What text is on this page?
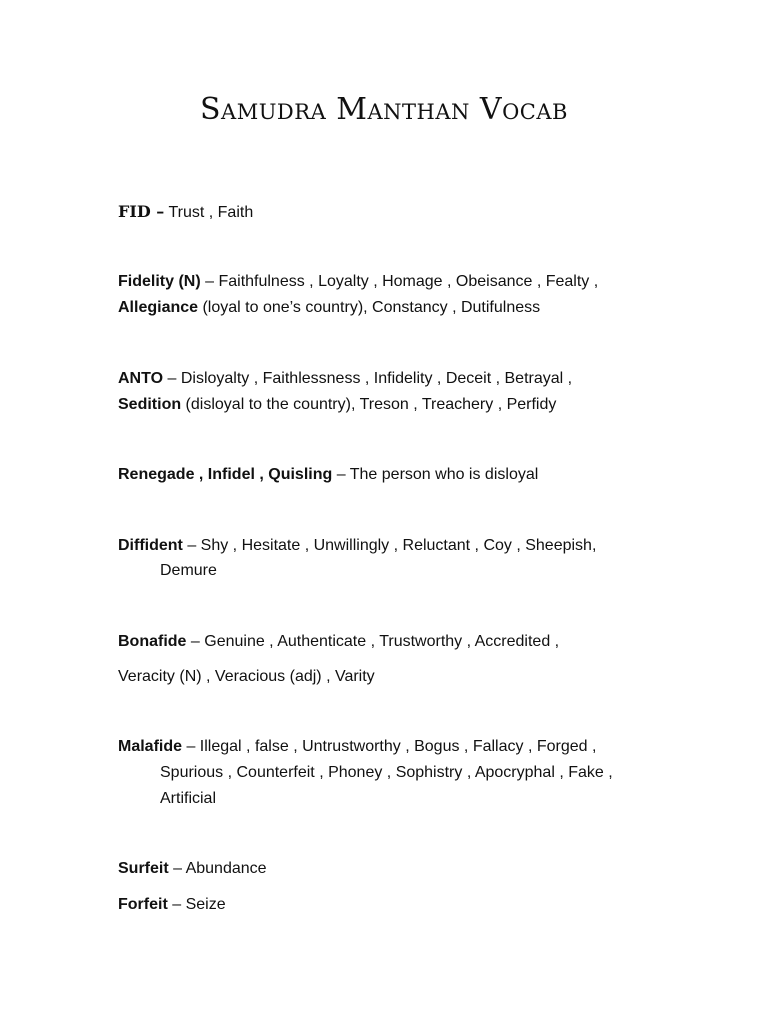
Samudra Manthan Vocab
FID – Trust , Faith
Fidelity (N) – Faithfulness , Loyalty , Homage , Obeisance , Fealty ,
Allegiance (loyal to one’s country), Constancy , Dutifulness
ANTO – Disloyalty , Faithlessness , Infidelity , Deceit , Betrayal ,
Sedition (disloyal to the country), Treson , Treachery , Perfidy
Renegade , Infidel , Quisling – The person who is disloyal
Diffident – Shy , Hesitate , Unwillingly , Reluctant , Coy , Sheepish,
Demure
Bonafide – Genuine , Authenticate , Trustworthy , Accredited ,
Veracity (N) , Veracious (adj) , Varity
Malafide – Illegal , false , Untrustworthy , Bogus , Fallacy , Forged ,
Spurious , Counterfeit , Phoney , Sophistry , Apocryphal , Fake ,
Artificial
Surfeit – Abundance
Forfeit – Seize
